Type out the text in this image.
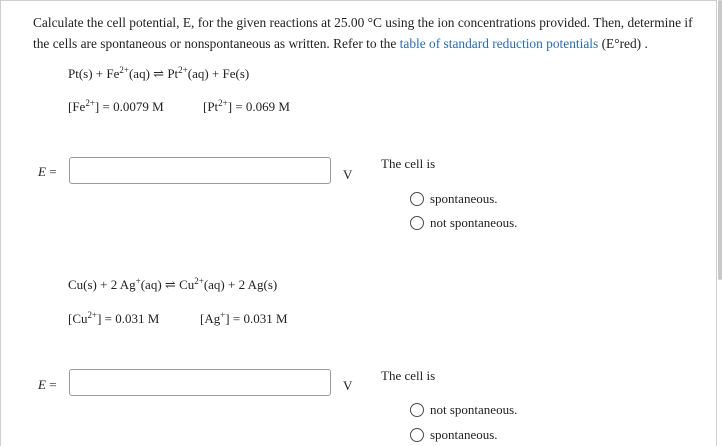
Calculate the cell potential, E, for the given reactions at 25.00 °C using the ion concentrations provided. Then, determine if the cells are spontaneous or nonspontaneous as written. Refer to the table of standard reduction potentials (E°red) .
$Pt(s) + Fe^{2+}(aq)$ ⇌ $Pt^{2+}(aq) + Fe(s)$
$[Fe^{2+}] = 0.0079$ M	$[Pt^{2+}] = 0.069$ M
E =	V
The cell is
spontaneous.
not spontaneous.
Cu(s) + 2 Ag+(aq) ⇌ $Cu^{2+}(aq) + 2$ Ag(s)
$[Cu^{2+}] = 0.031$ M	[Ag+] = 0.031 M
E =	V
The cell is
not spontaneous.
spontaneous.
